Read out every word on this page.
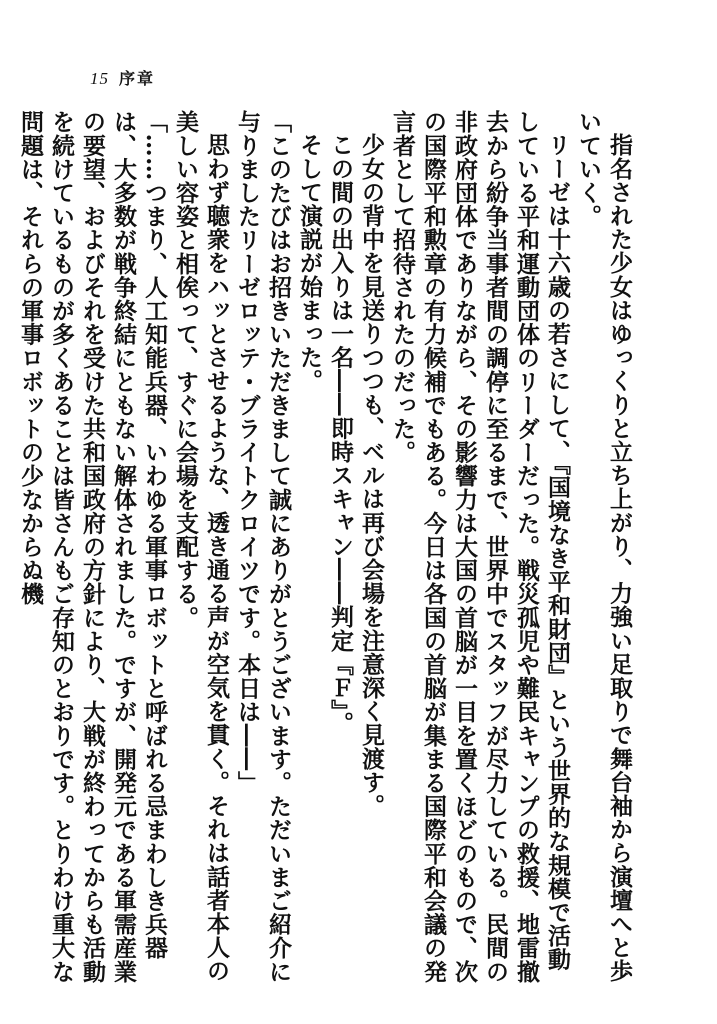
15 序章

指名された少女はゆっくりと立ち上がり、力強い足取りで舞台袖から演壇へと歩いていく。

リーゼは十六歳の若さにして、『国境なき平和財団』という世界的な規模で活動している平和運動団体のリーダーだった。戦災孤児や難民キャンプの救援、地雷撤去から紛争当事者間の調停に至るまで、世界中でスタッフが尽力している。民間の非政府団体でありながら、その影響力は大国の首脳が一目を置くほどのもので、次の国際平和勲章の有力候補でもある。今日は各国の首脳が集まる国際平和会議の発言者として招待されたのだった。

少女の背中を見送りつつも、ベルは再び会場を注意深く見渡す。

この間の出入りは一名――即時スキャン――判定『Ｆ』。

そして演説が始まった。

「このたびはお招きいただきまして誠にありがとうございます。ただいまご紹介に与りましたリーゼロッテ・ブライトクロイツです。本日は――」

思わず聴衆をハッとさせるような、透き通る声が空気を貫く。それは話者本人の美しい容姿と相俟って、すぐに会場を支配する。

「……つまり、人工知能兵器、いわゆる軍事ロボットと呼ばれる忌まわしき兵器は、大多数が戦争終結にともない解体されました。ですが、開発元である軍需産業の要望、およびそれを受けた共和国政府の方針により、大戦が終わってからも活動を続けているものが多くあることは皆さんもご存知のとおりです。とりわけ重大な問題は、それらの軍事ロボットの少なからぬ機
